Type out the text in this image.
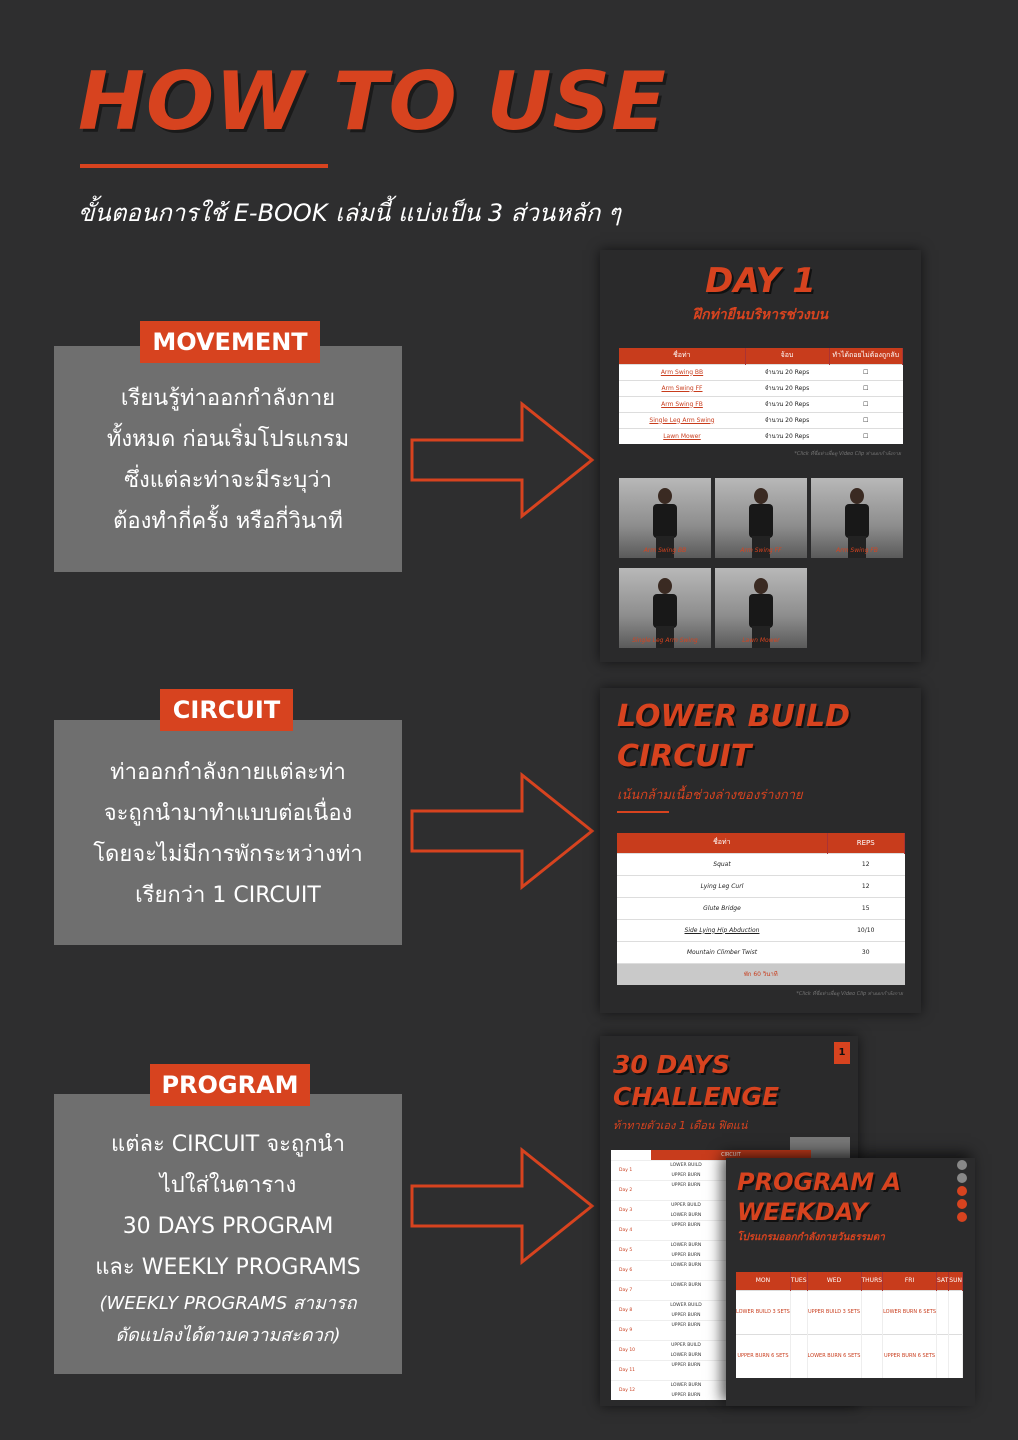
HOW TO USE
ขั้นตอนการใช้ E-BOOK เล่มนี้ แบ่งเป็น 3 ส่วนหลัก ๆ
เรียนรู้ท่าออกกำลังกาย
ทั้งหมด ก่อนเริ่มโปรแกรม
ซึ่งแต่ละท่าจะมีระบุว่า
ต้องทำกี่ครั้ง หรือกี่วินาที
MOVEMENT
ท่าออกกำลังกายแต่ละท่า
จะถูกนำมาทำแบบต่อเนื่อง
โดยจะไม่มีการพักระหว่างท่า
เรียกว่า 1 CIRCUIT
CIRCUIT
แต่ละ CIRCUIT จะถูกนำ
ไปใส่ในตาราง
30 DAYS PROGRAM
และ WEEKLY PROGRAMS
(WEEKLY PROGRAMS สามารถ
ดัดแปลงได้ตามความสะดวก)
PROGRAM
DAY 1
ฝึกท่ายืนบริหารช่วงบน
ชื่อท่า	จ้อบ	ทำได้ถอยไม่ต้องถูกลับ
Arm Swing BB	จำนวน 20 Reps	☐
Arm Swing FF	จำนวน 20 Reps	☐
Arm Swing FB	จำนวน 20 Reps	☐
Single Leg Arm Swing	จำนวน 20 Reps	☐
Lawn Mower	จำนวน 20 Reps	☐
*Click ที่ชื่อท่าเพื่อดู Video Clip ท่าออกกำลังกาย
Arm Swing BB	Arm Swing FF	Arm Swing FB
Single Leg Arm Swing	Lawn Mower
LOWER BUILD
CIRCUIT
เน้นกล้ามเนื้อช่วงล่างของร่างกาย
ชื่อท่า	REPS
Squat	12
Lying Leg Curl	12
Glute Bridge	15
Side Lying Hip Abduction	10/10
Mountain Climber Twist	30
พัก 60 วินาที	
*Click ที่ชื่อท่าเพื่อดู Video Clip ท่าออกกำลังกาย
1
30 DAYS
CHALLENGE
ท้าทายตัวเอง 1 เดือน ฟิตแน่
CIRCUIT
Day 1
LOWER BUILD
UPPER BURN
Day 2
UPPER BURN
Day 3
UPPER BUILD
LOWER BURN
Day 4
UPPER BURN
Day 5
LOWER BURN
UPPER BURN
Day 6
LOWER BURN
Day 7
LOWER BURN
Day 8
LOWER BUILD
UPPER BURN
Day 9
UPPER BURN
Day 10
UPPER BUILD
LOWER BURN
Day 11
UPPER BURN
Day 12
LOWER BURN
UPPER BURN
PROGRAM A
WEEKDAY
โปรแกรมออกกำลังกายวันธรรมดา
MON	TUES	WED	THURS	FRI	SAT	SUN
LOWER BUILD 3 SETS		UPPER BUILD 3 SETS		LOWER BURN 6 SETS		
UPPER BURN 6 SETS		LOWER BURN 6 SETS		UPPER BURN 6 SETS		
